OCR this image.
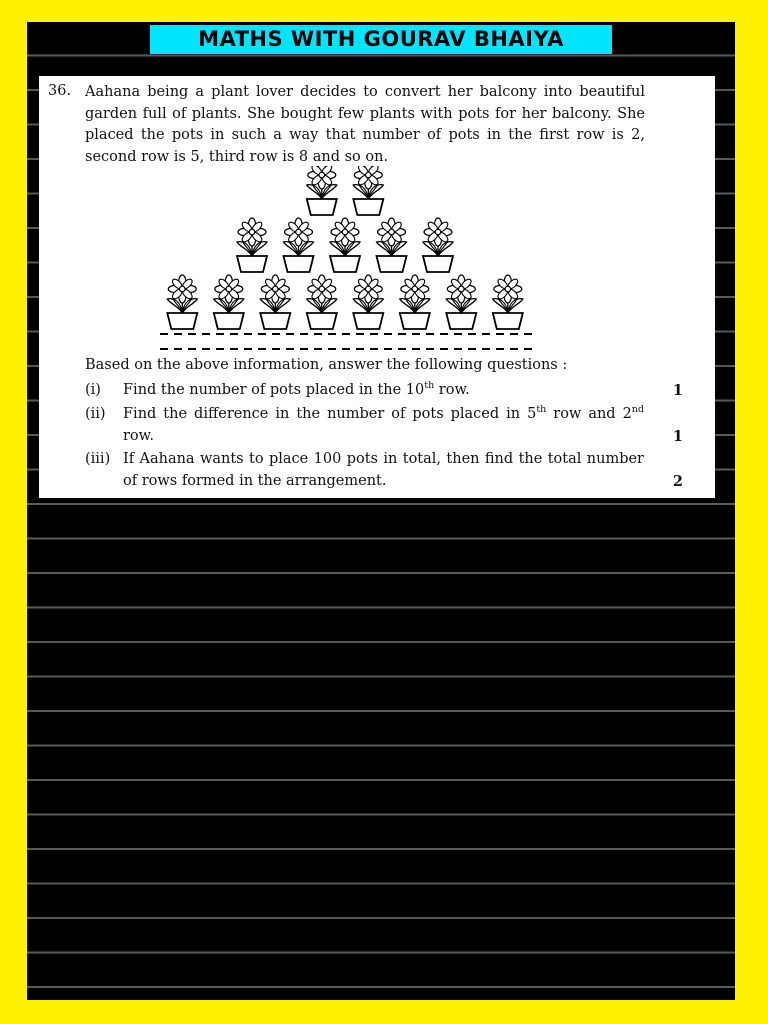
MATHS WITH GOURAV BHAIYA
36. Aahana being a plant lover decides to convert her balcony into beautiful garden full of plants. She bought few plants with pots for her balcony. She placed the pots in such a way that number of pots in the first row is 2, second row is 5, third row is 8 and so on.
Based on the above information, answer the following questions :
(i) Find the number of pots placed in the 10th row.	1
(ii) Find the difference in the number of pots placed in 5th row and 2nd row.	1
(iii) If Aahana wants to place 100 pots in total, then find the total number of rows formed in the arrangement.	2
